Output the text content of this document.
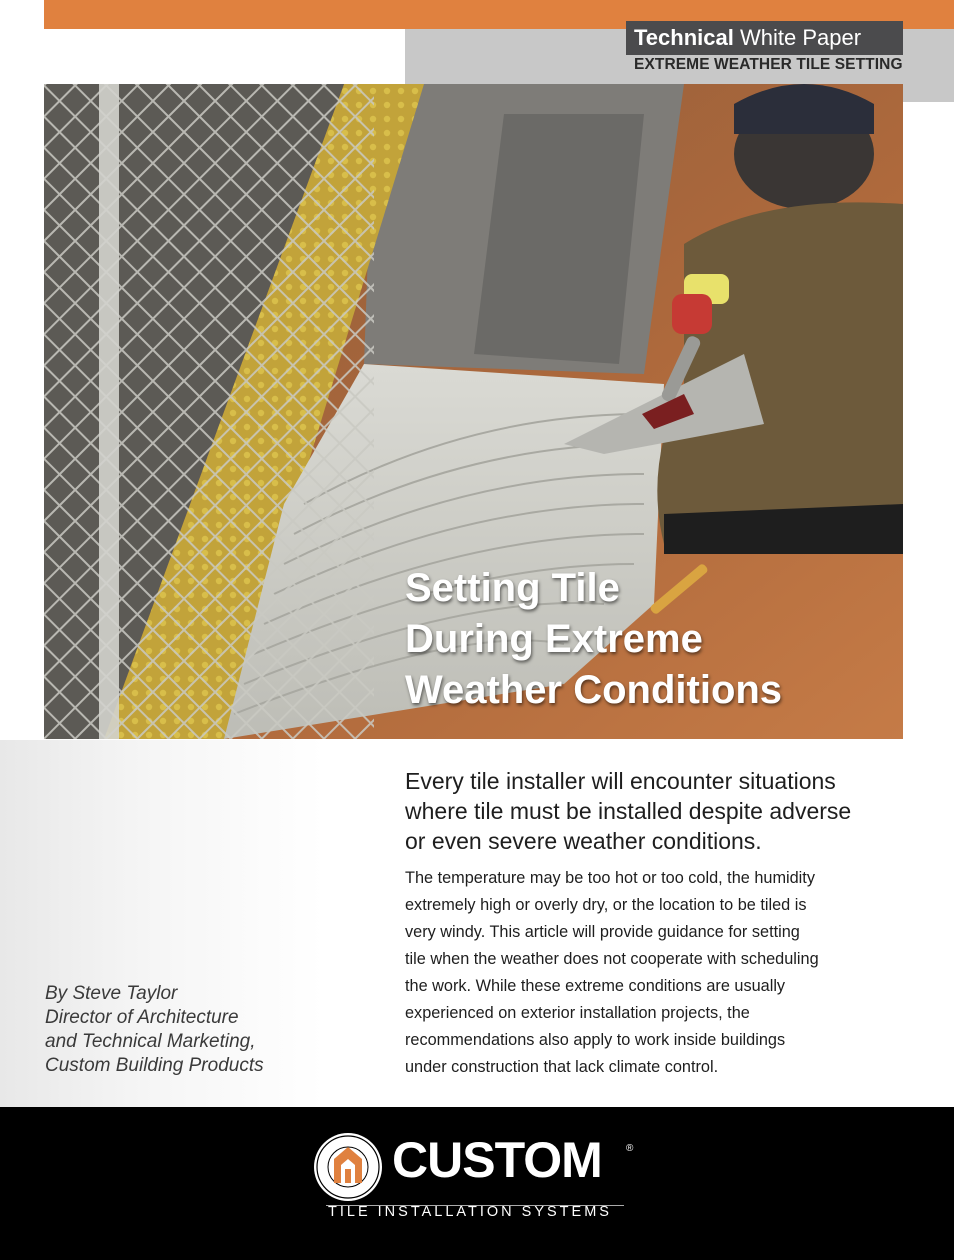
Technical White Paper
EXTREME WEATHER TILE SETTING
Setting Tile
During Extreme
Weather Conditions
Every tile installer will encounter situations
where tile must be installed despite adverse
or even severe weather conditions.
The temperature may be too hot or too cold, the humidity
extremely high or overly dry, or the location to be tiled is
very windy. This article will provide guidance for setting
tile when the weather does not cooperate with scheduling
the work. While these extreme conditions are usually
experienced on exterior installation projects, the
recommendations also apply to work inside buildings
under construction that lack climate control.
By Steve Taylor
Director of Architecture
and Technical Marketing,
Custom Building Products
CUSTOM ®
TILE INSTALLATION SYSTEMS
